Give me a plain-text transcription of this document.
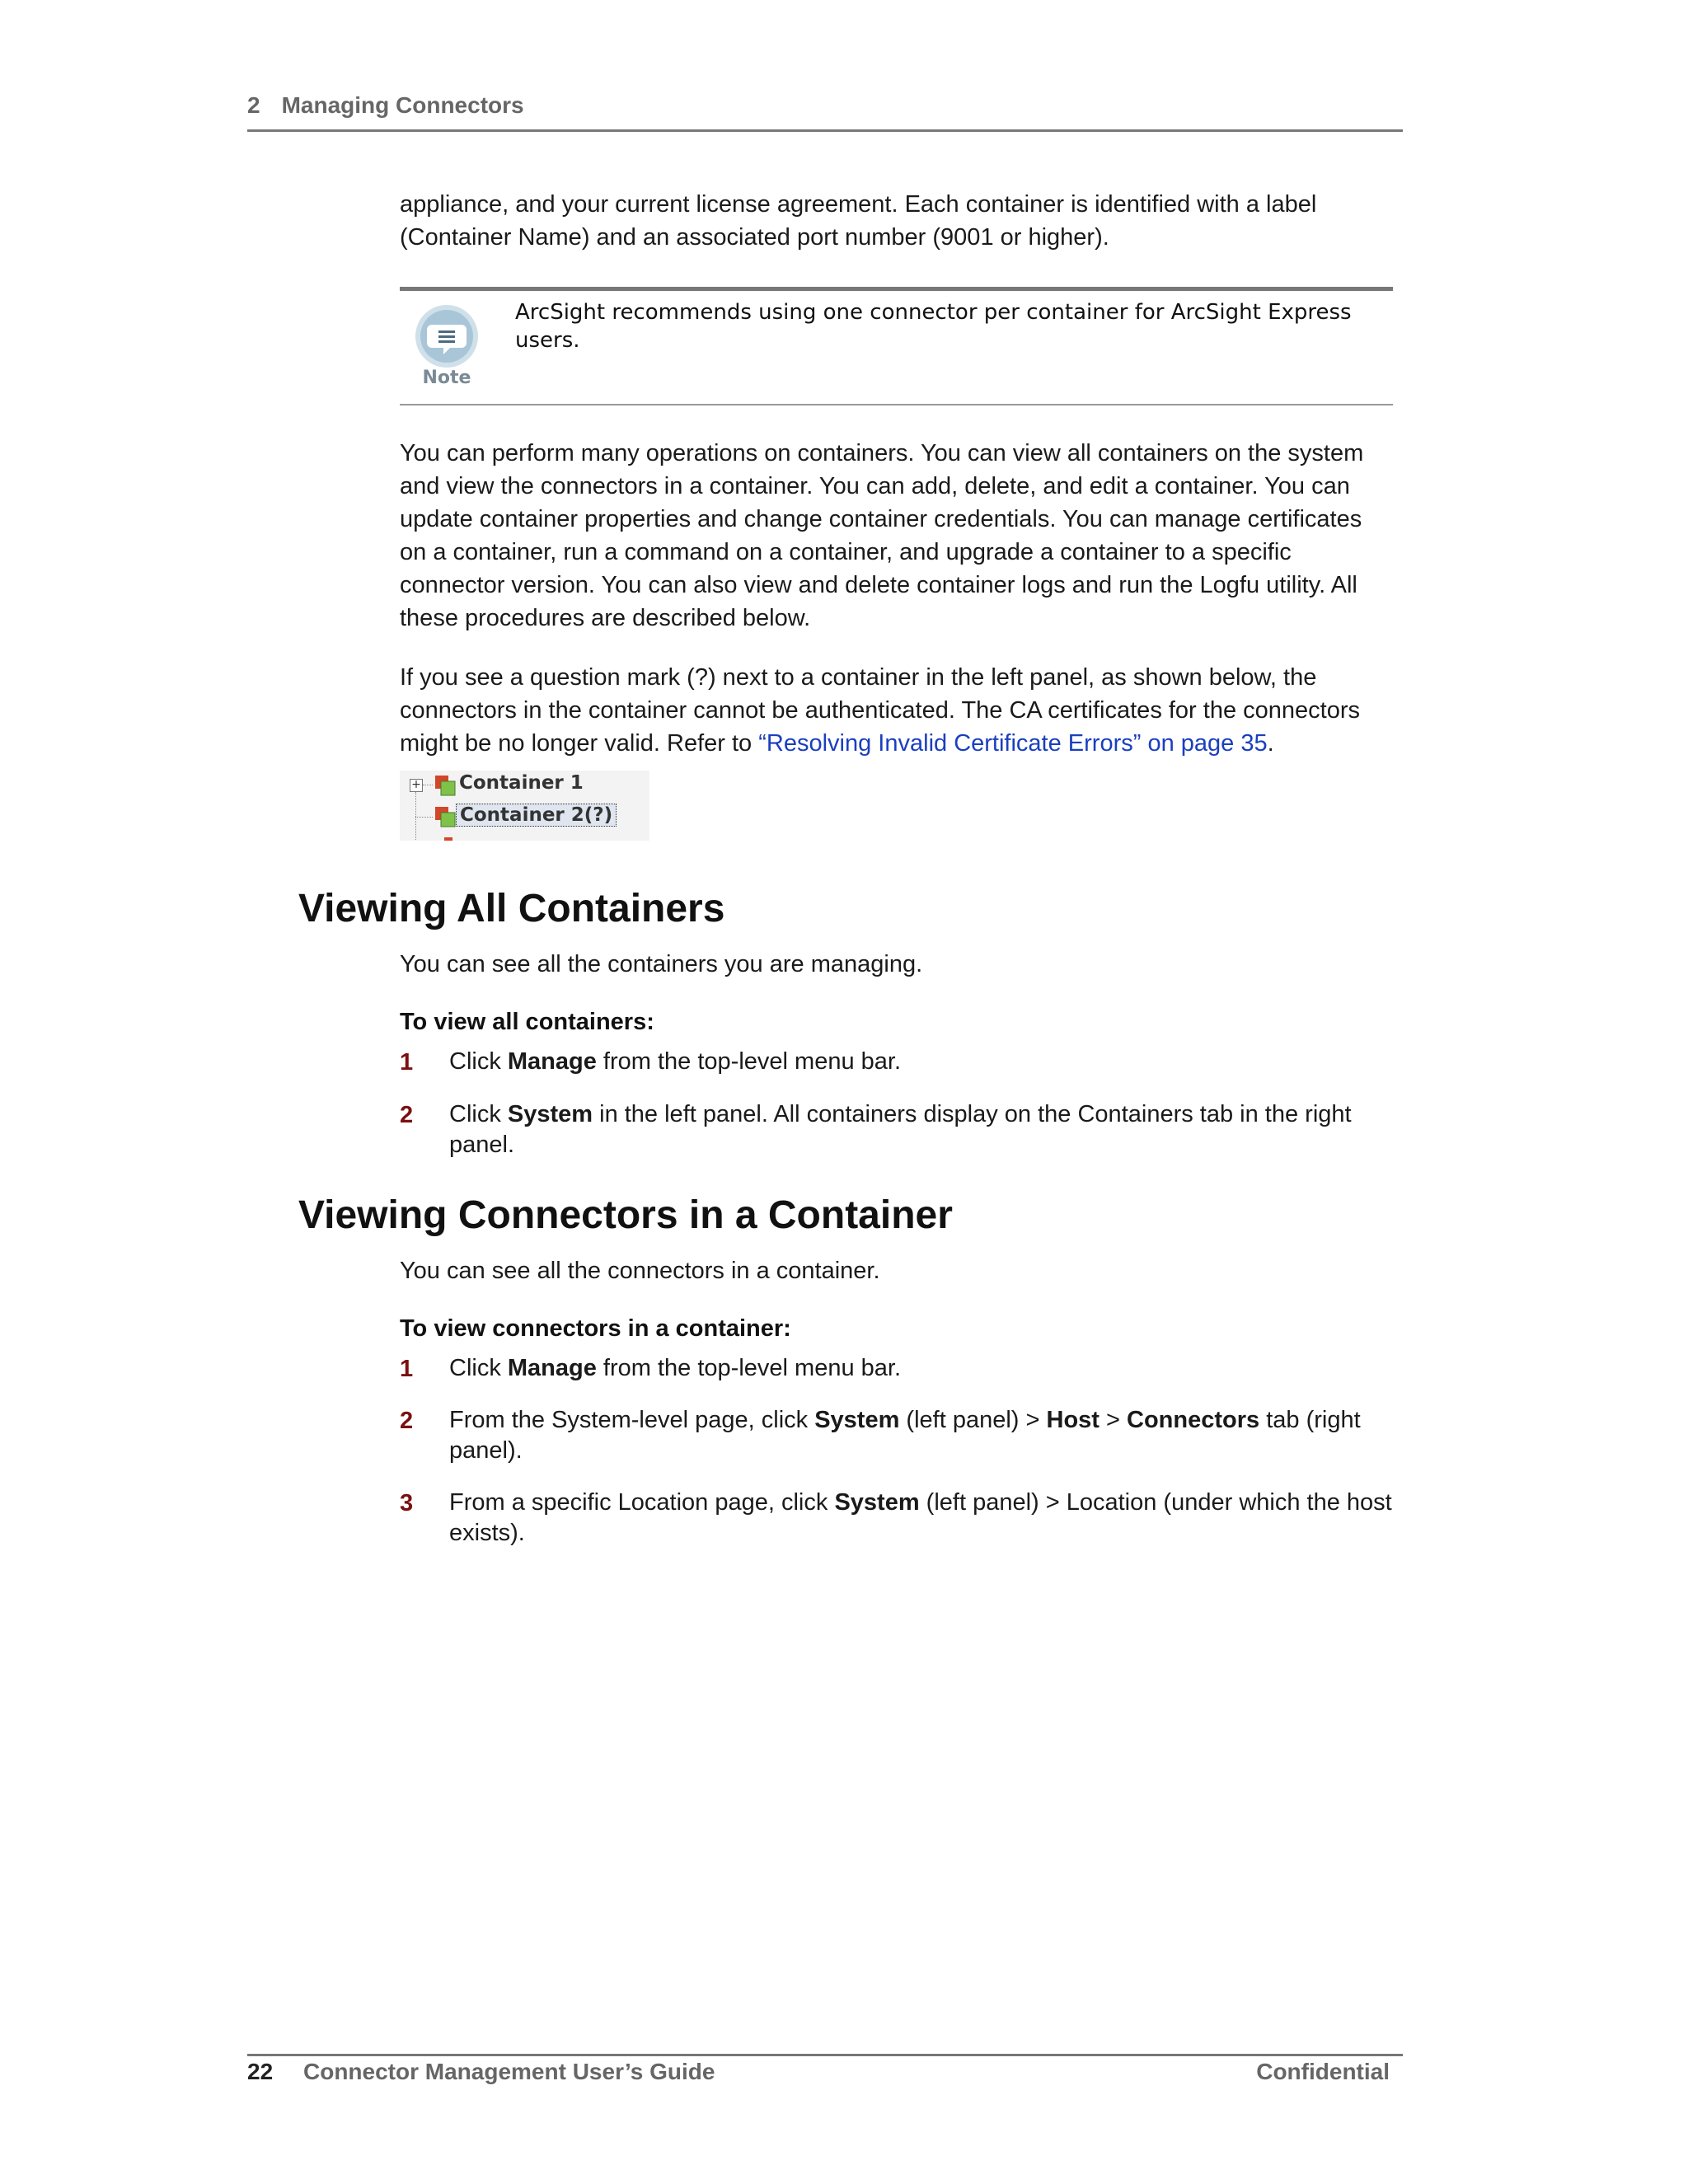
2 Managing Connectors

appliance, and your current license agreement. Each container is identified with a label (Container Name) and an associated port number (9001 or higher).

Note
ArcSight recommends using one connector per container for ArcSight Express users.

You can perform many operations on containers. You can view all containers on the system and view the connectors in a container. You can add, delete, and edit a container. You can update container properties and change container credentials. You can manage certificates on a container, run a command on a container, and upgrade a container to a specific connector version. You can also view and delete container logs and run the Logfu utility. All these procedures are described below.

If you see a question mark (?) next to a container in the left panel, as shown below, the connectors in the container cannot be authenticated. The CA certificates for the connectors might be no longer valid. Refer to “Resolving Invalid Certificate Errors” on page 35.

+ Container 1
Container 2(?)
Viewing All Containers

You can see all the containers you are managing.

To view all containers:
1 Click Manage from the top-level menu bar.
2 Click System in the left panel. All containers display on the Containers tab in the right panel.
Viewing Connectors in a Container

You can see all the connectors in a container.

To view connectors in a container:
1 Click Manage from the top-level menu bar.
2 From the System-level page, click System (left panel) > Host > Connectors tab (right panel).
3 From a specific Location page, click System (left panel) > Location (under which the host exists).
22 Connector Management User’s Guide	Confidential
